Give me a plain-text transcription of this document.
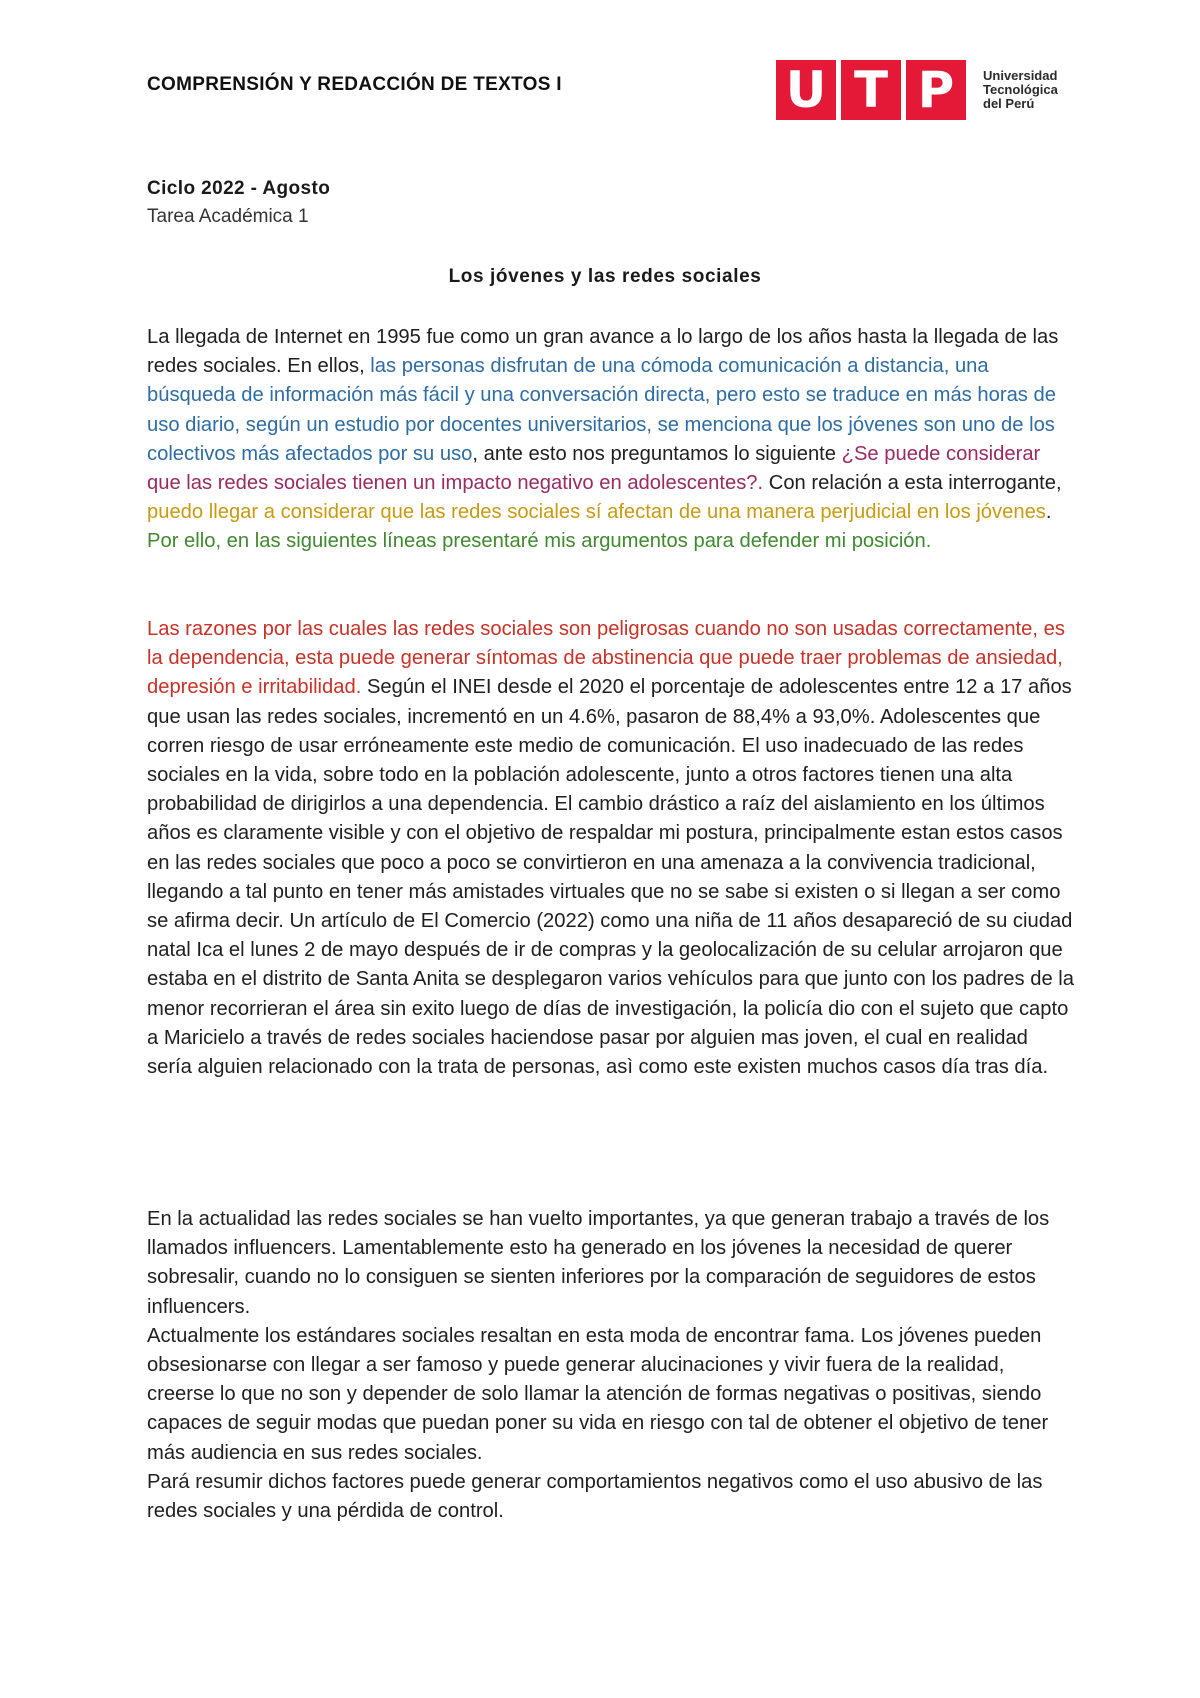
COMPRENSIÓN Y REDACCIÓN DE TEXTOS I	U T P	Universidad
Tecnológica
del Perú
Ciclo 2022 - Agosto
Tarea Académica 1
Los jóvenes y las redes sociales

La llegada de Internet en 1995 fue como un gran avance a lo largo de los años hasta la llegada de las redes sociales. En ellos, las personas disfrutan de una cómoda comunicación a distancia, una búsqueda de información más fácil y una conversación directa, pero esto se traduce en más horas de uso diario, según un estudio por docentes universitarios, se menciona que los jóvenes son uno de los colectivos más afectados por su uso, ante esto nos preguntamos lo siguiente ¿Se puede considerar que las redes sociales tienen un impacto negativo en adolescentes?. Con relación a esta interrogante, puedo llegar a considerar que las redes sociales sí afectan de una manera perjudicial en los jóvenes. Por ello, en las siguientes líneas presentaré mis argumentos para defender mi posición.

Las razones por las cuales las redes sociales son peligrosas cuando no son usadas correctamente, es la dependencia, esta puede generar síntomas de abstinencia que puede traer problemas de ansiedad, depresión e irritabilidad. Según el INEI desde el 2020 el porcentaje de adolescentes entre 12 a 17 años que usan las redes sociales, incrementó en un 4.6%, pasaron de 88,4% a 93,0%. Adolescentes que corren riesgo de usar erróneamente este medio de comunicación. El uso inadecuado de las redes sociales en la vida, sobre todo en la población adolescente, junto a otros factores tienen una alta probabilidad de dirigirlos a una dependencia. El cambio drástico a raíz del aislamiento en los últimos años es claramente visible y con el objetivo de respaldar mi postura, principalmente estan estos casos en las redes sociales que poco a poco se convirtieron en una amenaza a la convivencia tradicional, llegando a tal punto en tener más amistades virtuales que no se sabe si existen o si llegan a ser como se afirma decir. Un artículo de El Comercio (2022) como una niña de 11 años desapareció de su ciudad natal Ica el lunes 2 de mayo después de ir de compras y la geolocalización de su celular arrojaron que estaba en el distrito de Santa Anita se desplegaron varios vehículos para que junto con los padres de la menor recorrieran el área sin exito luego de días de investigación, la policía dio con el sujeto que capto a Maricielo a través de redes sociales haciendose pasar por alguien mas joven, el cual en realidad sería alguien relacionado con la trata de personas, asì como este existen muchos casos día tras día.

En la actualidad las redes sociales se han vuelto importantes, ya que generan trabajo a través de los llamados influencers. Lamentablemente esto ha generado en los jóvenes la necesidad de querer sobresalir, cuando no lo consiguen se sienten inferiores por la comparación de seguidores de estos influencers.

Actualmente los estándares sociales resaltan en esta moda de encontrar fama. Los jóvenes pueden obsesionarse con llegar a ser famoso y puede generar alucinaciones y vivir fuera de la realidad, creerse lo que no son y depender de solo llamar la atención de formas negativas o positivas, siendo capaces de seguir modas que puedan poner su vida en riesgo con tal de obtener el objetivo de tener más audiencia en sus redes sociales.

Pará resumir dichos factores puede generar comportamientos negativos como el uso abusivo de las redes sociales y una pérdida de control.
